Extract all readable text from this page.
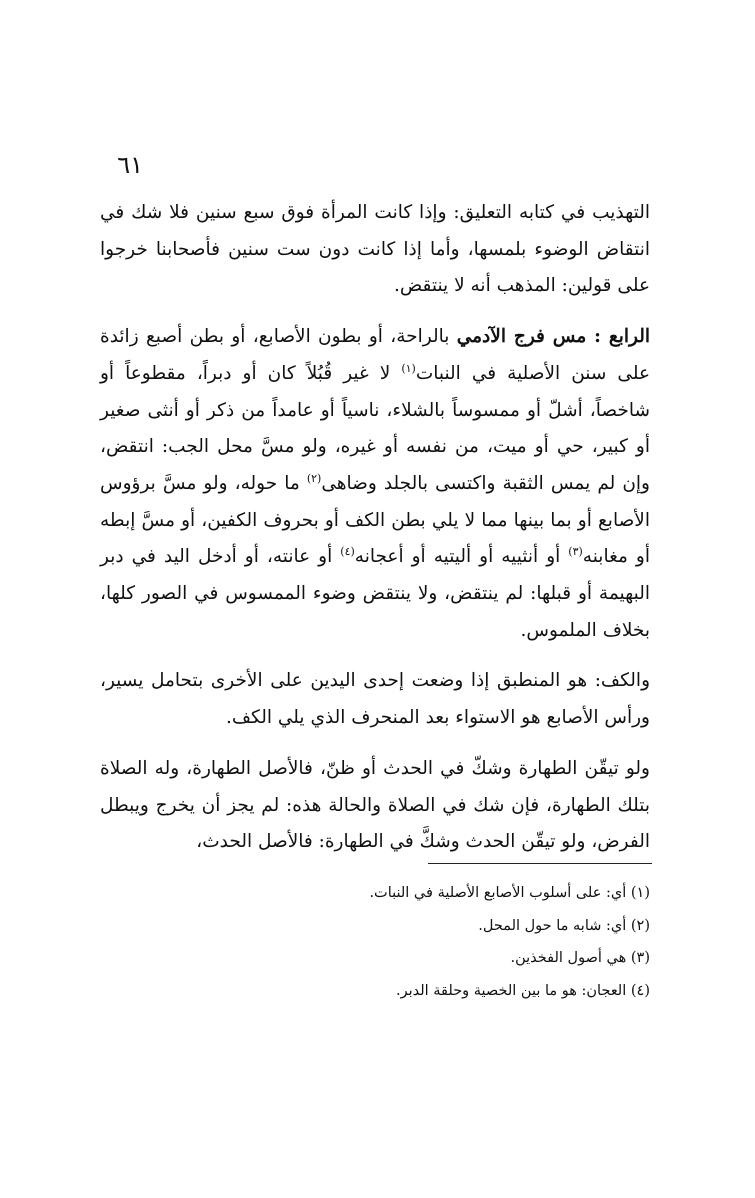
٦١

التهذيب في كتابه التعليق: وإذا كانت المرأة فوق سبع سنين فلا شك في انتقاض الوضوء بلمسها، وأما إذا كانت دون ست سنين فأصحابنا خرجوا على قولين: المذهب أنه لا ينتقض.

الرابع : مس فرج الآدمي بالراحة، أو بطون الأصابع، أو بطن أصبع زائدة على سنن الأصلية في النبات$^{(١)}$ لا غير قُبُلاً كان أو دبراً، مقطوعاً أو شاخصاً، أشلّ أو ممسوساً بالشلاء، ناسياً أو عامداً من ذكر أو أنثى صغير أو كبير، حي أو ميت، من نفسه أو غيره، ولو مسَّ محل الجب: انتقض، وإن لم يمس الثقبة واكتسى بالجلد وضاهى$^{(٢)}$ ما حوله، ولو مسَّ برؤوس الأصابع أو بما بينها مما لا يلي بطن الكف أو بحروف الكفين، أو مسَّ إبطه أو مغابنه$^{(٣)}$ أو أنثييه أو أليتيه أو أعجانه$^{(٤)}$ أو عانته، أو أدخل اليد في دبر البهيمة أو قبلها: لم ينتقض، ولا ينتقض وضوء الممسوس في الصور كلها، بخلاف الملموس.

والكف: هو المنطبق إذا وضعت إحدى اليدين على الأخرى بتحامل يسير، ورأس الأصابع هو الاستواء بعد المنحرف الذي يلي الكف.

ولو تيقّن الطهارة وشكّ في الحدث أو ظنّ، فالأصل الطهارة، وله الصلاة بتلك الطهارة، فإن شك في الصلاة والحالة هذه: لم يجز أن يخرج ويبطل الفرض، ولو تيقّن الحدث وشكَّ في الطهارة: فالأصل الحدث،

(١) أي: على أسلوب الأصابع الأصلية في النبات.

(٢) أي: شابه ما حول المحل.

(٣) هي أصول الفخذين.

(٤) العجان: هو ما بين الخصية وحلقة الدبر.
